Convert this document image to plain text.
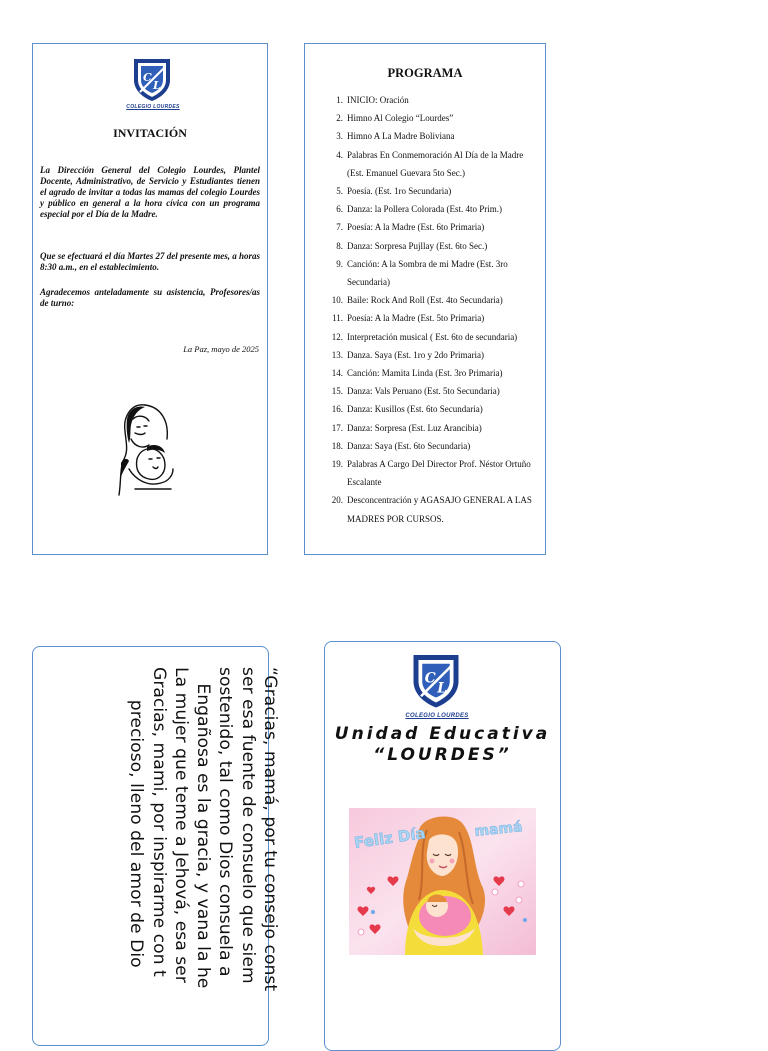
C
L
COLEGIO LOURDES
INVITACIÓN
La Dirección General del Colegio Lourdes, Plantel Docente, Administrativo, de Servicio y Estudiantes tienen el agrado de invitar a todas las mamas del colegio Lourdes y público en general a la hora cívica con un programa especial por el Día de la Madre.
Que se efectuará el día Martes 27 del presente mes, a horas 8:30 a.m., en el establecimiento.
Agradecemos anteladamente su asistencia, Profesores/as de turno:
La Paz, mayo de 2025
PROGRAMA
1. INICIO: Oración
2. Himno Al Colegio “Lourdes”
3. Himno A La Madre Boliviana
4. Palabras En Conmemoración Al Día de la Madre (Est. Emanuel Guevara 5to Sec.)
5. Poesía. (Est. 1ro Secundaria)
6. Danza: la Pollera Colorada (Est. 4to Prim.)
7. Poesía: A la Madre (Est. 6to Primaria)
8. Danza: Sorpresa Pujllay (Est. 6to Sec.)
9. Canción: A la Sombra de mi Madre (Est. 3ro Secundaria)
10. Baile: Rock And Roll (Est. 4to Secundaria)
11. Poesía: A la Madre (Est. 5to Primaria)
12. Interpretación musical ( Est. 6to de secundaria)
13. Danza. Saya (Est. 1ro y 2do Primaria)
14. Canción: Mamita Linda (Est. 3ro Primaria)
15. Danza: Vals Peruano (Est. 5to Secundaria)
16. Danza: Kusillos (Est. 6to Secundaria)
17. Danza: Sorpresa (Est. Luz Arancibia)
18. Danza: Saya (Est. 6to Secundaria)
19. Palabras A Cargo Del Director Prof. Néstor Ortuño Escalante
20. Desconcentración y AGASAJO GENERAL A LAS MADRES POR CURSOS.
“Gracias, mamá, por tu consejo const
ser esa fuente de consuelo que siem
sostenido, tal como Dios consuela a
Engañosa es la gracia, y vana la he
La mujer que teme a Jehová, esa ser
Gracias, mami, por inspirarme con t
precioso, lleno del amor de Dio	C
L
COLEGIO LOURDES
Unidad Educativa
“LOURDES”
Feliz Día	mamá
